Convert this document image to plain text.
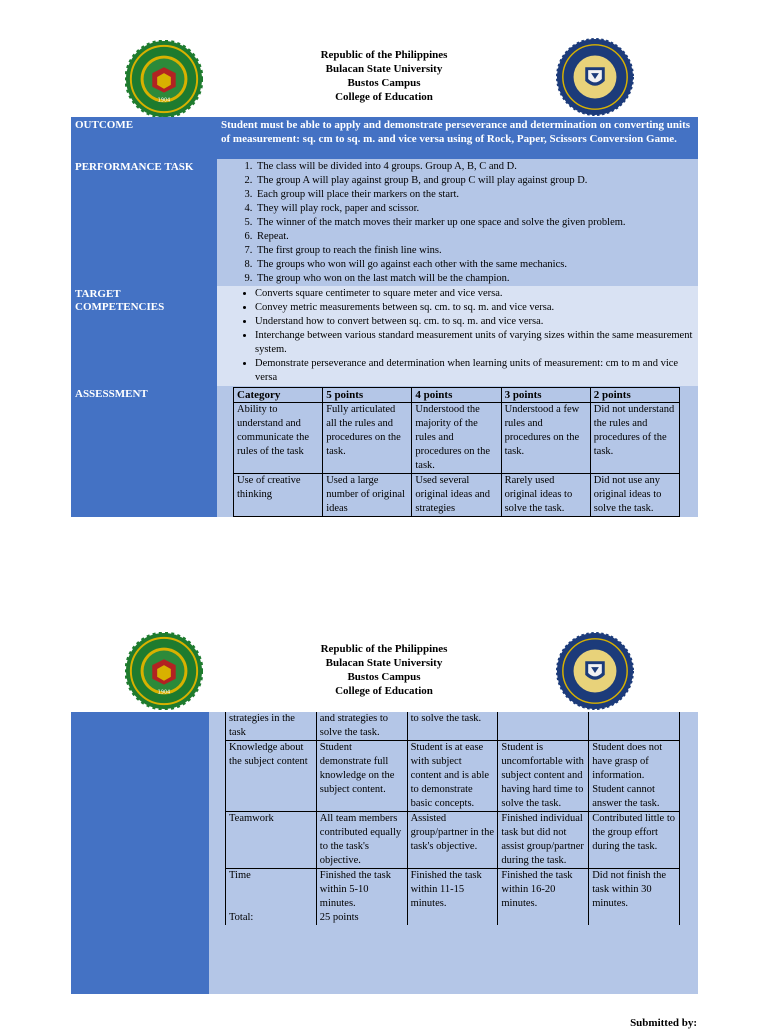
1904
Republic of the Philippines
Bulacan State University
Bustos Campus
College of Education
OUTCOME	Student must be able to apply and demonstrate perseverance and determination on converting units of measurement: sq. cm to sq. m. and vice versa using of Rock, Paper, Scissors Conversion Game.
PERFORMANCE TASK	
1.The class will be divided into 4 groups. Group A, B, C and D.
2. The group A will play against group B, and group C will play against group D.
3. Each group will place their markers on the start.
4. They will play rock, paper and scissor.
5. The winner of the match moves their marker up one space and solve the given problem.
6. Repeat.
7. The first group to reach the finish line wins.
8. The groups who won will go against each other with the same mechanics.
9. The group who won on the last match will be the champion.

TARGET
COMPETENCIES

• Converts square centimeter to square meter and vice versa.
• Convey metric measurements between sq. cm. to sq. m. and vice versa.
• Understand how to convert between sq. cm. to sq. m. and vice versa.
• Interchange between various standard measurement units of varying sizes within the same measurement system.
• Demonstrate perseverance and determination when learning units of measurement: cm to m and vice versa

ASSESSMENT		Category	5 points	4 points	3 points	2 points
Ability to understand and communicate the rules of the task	Fully articulated all the rules and procedures on the task.	Understood the majority of the rules and procedures on the task.	Understood a few rules and procedures on the task.	Did not understand the rules and procedures of the task.
Use of creative thinking	Used a large number of original ideas	Used several original ideas and strategies	Rarely used original ideas to solve the task.	Did not use any original ideas to solve the task.
1904
Republic of the Philippines
Bulacan State University
Bustos Campus
College of Education
strategies in the task	and strategies to solve the task.	to solve the task.		
Knowledge about the subject content	Student demonstrate full knowledge on the subject content.	Student is at ease with subject content and is able to demonstrate basic concepts.	Student is uncomfortable with subject content and having hard time to solve the task.	Student does not have grasp of information. Student cannot answer the task.
Teamwork	All team members contributed equally to the task's objective.	Assisted group/partner in the task's objective.	Finished individual task but did not assist group/partner during the task.	Contributed little to the group effort during the task.
Time	Finished the task within 5-10 minutes.	Finished the task within 11-15 minutes.	Finished the task within 16-20 minutes.	Did not finish the task within 30 minutes.
Total:	25 points			
Submitted by:
